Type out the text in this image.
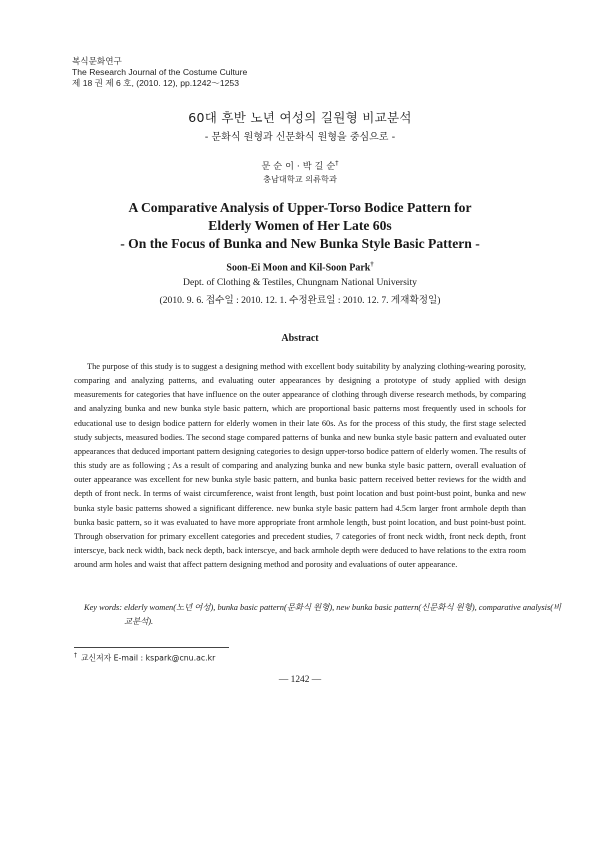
복식문화연구
The Research Journal of the Costume Culture
제 18 권 제 6 호, (2010. 12), pp.1242～1253
60대 후반 노년 여성의 길원형 비교분석
- 문화식 원형과 신문화식 원형을 중심으로 -
문 순 이 · 박 길 순†
충남대학교 의류학과
A Comparative Analysis of Upper-Torso Bodice Pattern for
Elderly Women of Her Late 60s
- On the Focus of Bunka and New Bunka Style Basic Pattern -
Soon-Ei Moon and Kil-Soon Park†
Dept. of Clothing & Testiles, Chungnam National University
(2010. 9. 6. 접수일 : 2010. 12. 1. 수정완료일 : 2010. 12. 7. 게재확정일)
Abstract

The purpose of this study is to suggest a designing method with excellent body suitability by analyzing clothing-wearing porosity, comparing and analyzing patterns, and evaluating outer appearances by designing a prototype of study applied with design measurements for categories that have influence on the outer appearance of clothing through diverse research methods, by comparing and analyzing bunka and new bunka style basic pattern, which are proportional basic patterns most frequently used in schools for educational use to design bodice pattern for elderly women in their late 60s. As for the process of this study, the first stage selected study subjects, measured bodies. The second stage compared patterns of bunka and new bunka style basic pattern and evaluated outer appearances that deduced important pattern designing categories to design upper-torso bodice pattern of elderly women. The results of this study are as following ; As a result of comparing and analyzing bunka and new bunka style basic pattern, overall evaluation of outer appearance was excellent for new bunka style basic pattern, and bunka basic pattern received better reviews for the width and depth of front neck. In terms of waist circumference, waist front length, bust point location and bust point-bust point, bunka and new bunka style basic patterns showed a significant difference. new bunka style basic pattern had 4.5cm larger front armhole depth than bunka basic pattern, so it was evaluated to have more appropriate front armhole length, bust point location, and bust point-bust point. Through observation for primary excellent categories and precedent studies, 7 categories of front neck width, front neck depth, front interscye, back neck width, back neck depth, back interscye, and back armhole depth were deduced to have relations to the extra room around arm holes and waist that affect pattern designing method and porosity and evaluations of outer appearance.

Key words: elderly women(노년 여성), bunka basic pattern(문화식 원형), new bunka basic pattern(신문화식 원형), comparative analysis(비교분석).
† 교신저자 E-mail : kspark@cnu.ac.kr
— 1242 —
